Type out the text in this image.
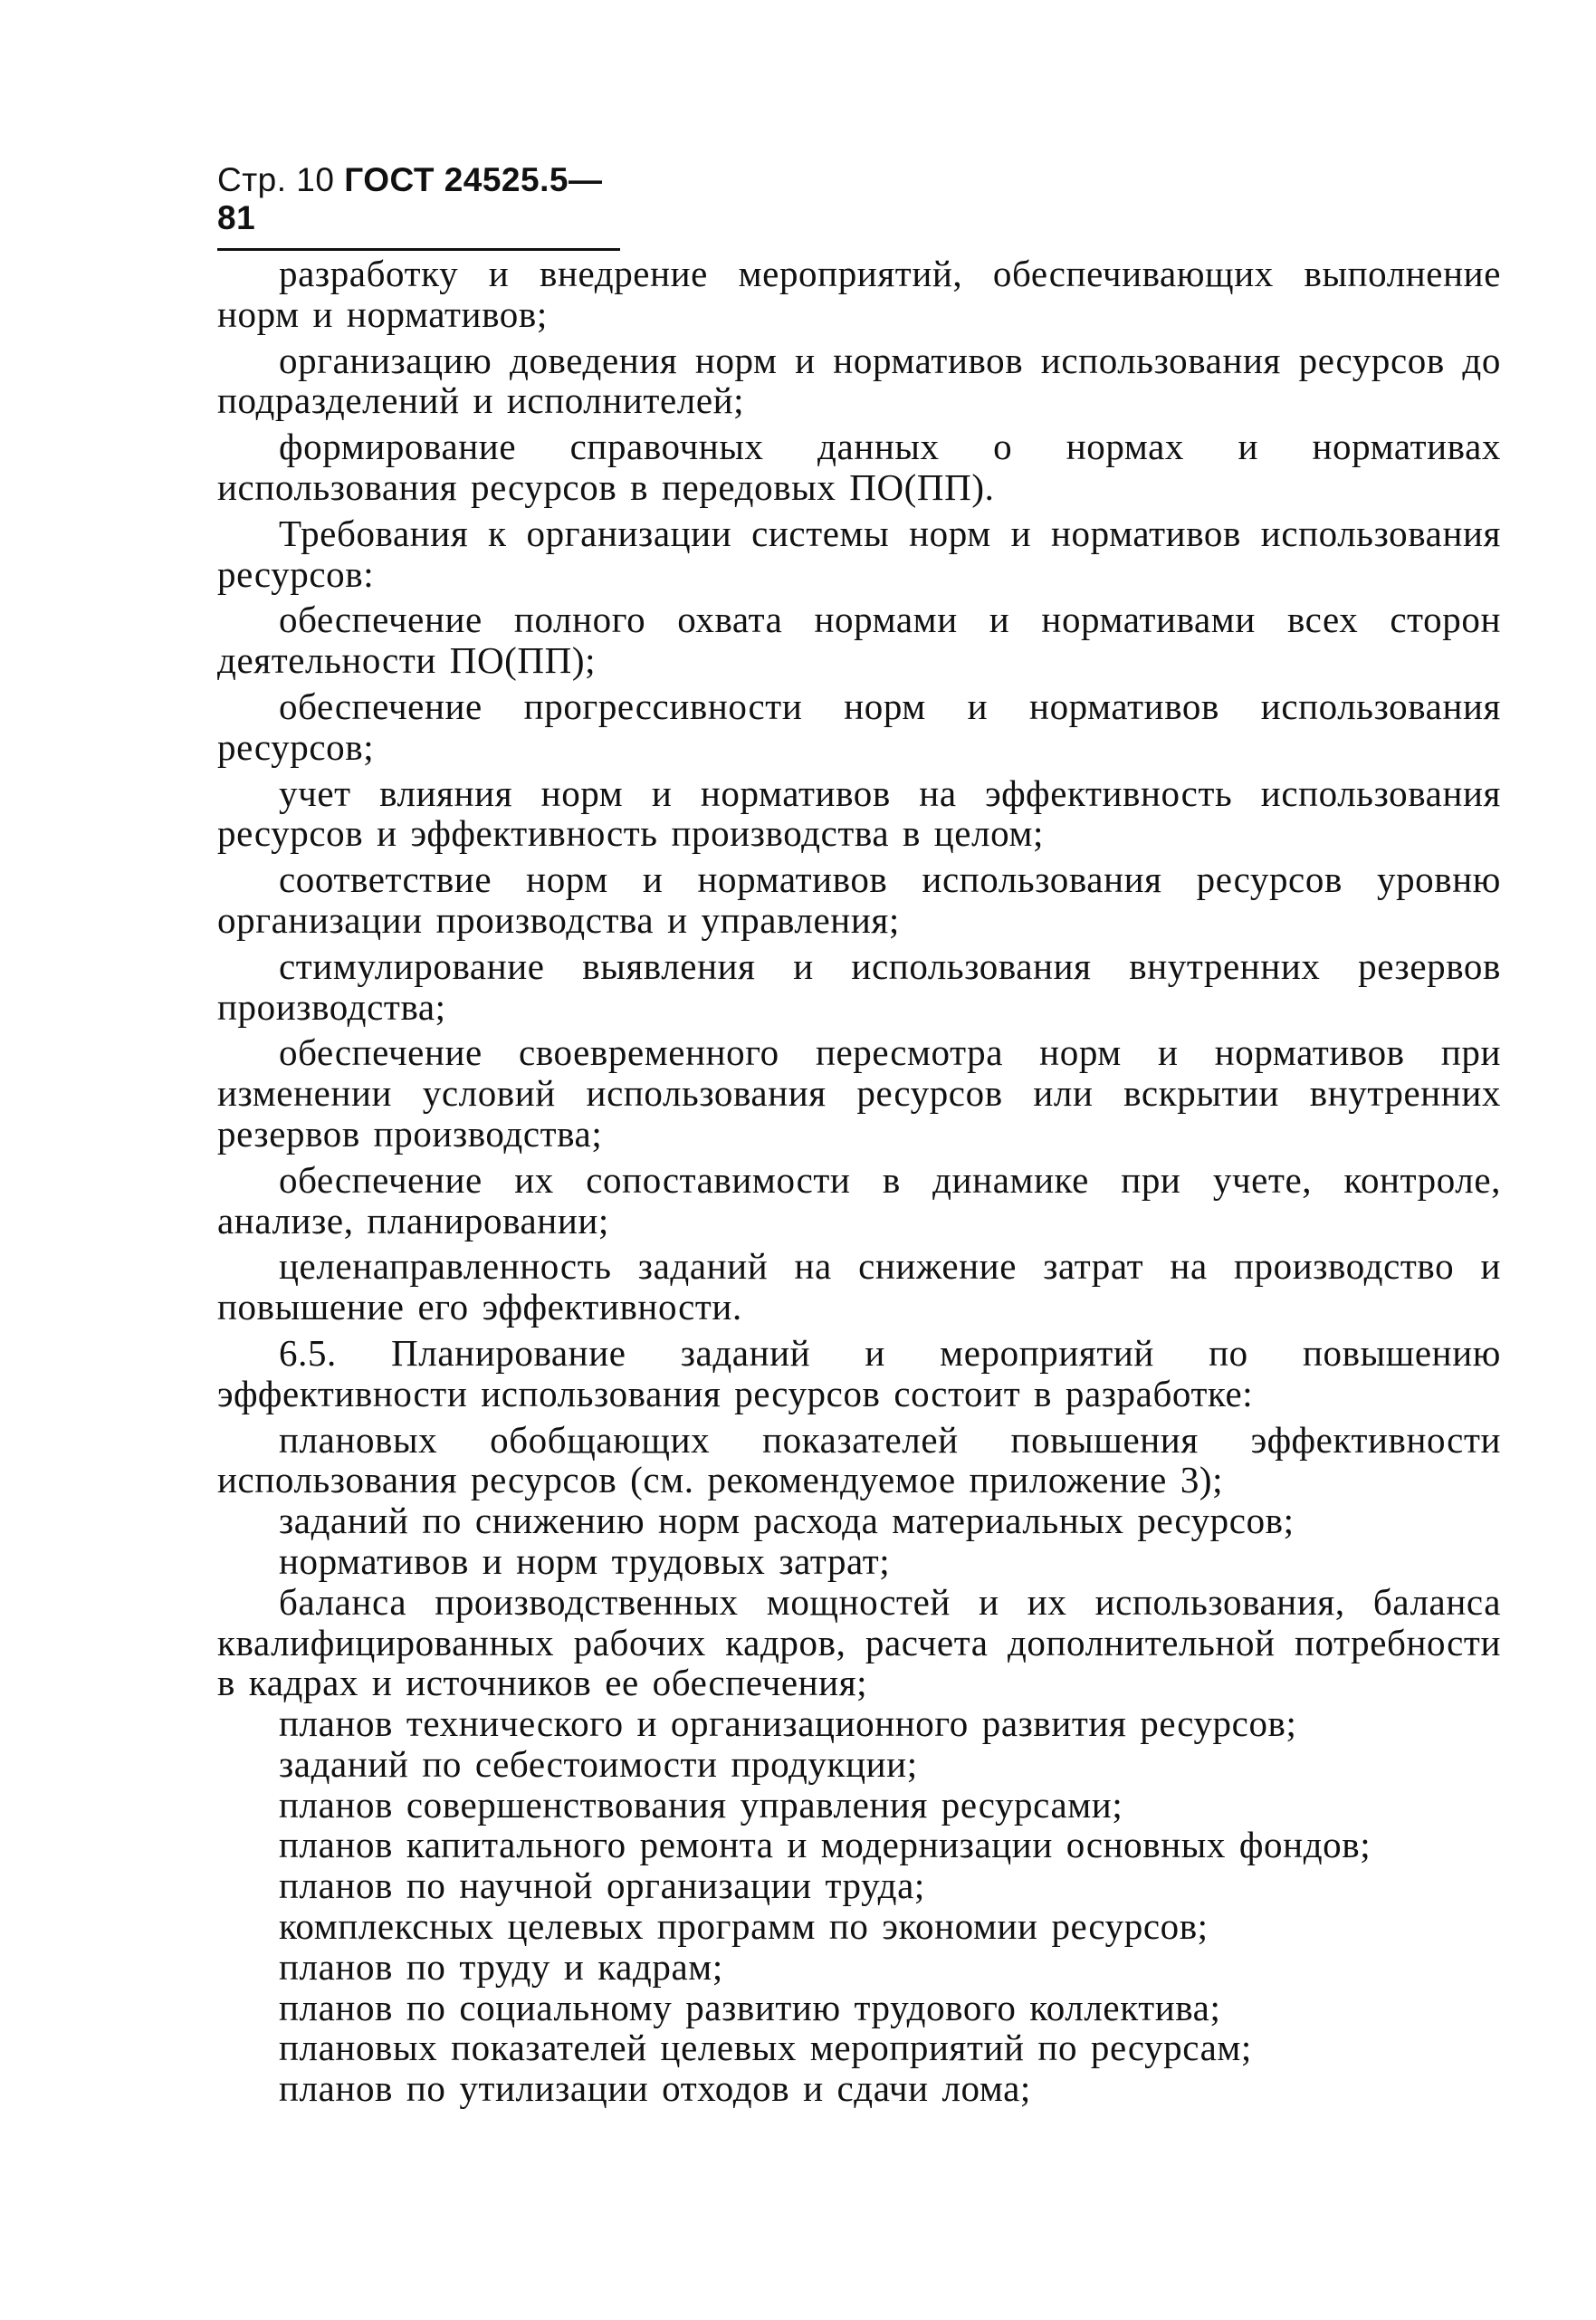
Стр. 10 ГОСТ 24525.5—81

разработку и внедрение мероприятий, обеспечивающих выполнение норм и нормативов;

организацию доведения норм и нормативов использования ресурсов до подразделений и исполнителей;

формирование справочных данных о нормах и нормативах использования ресурсов в передовых ПО(ПП).

Требования к организации системы норм и нормативов использования ресурсов:

обеспечение полного охвата нормами и нормативами всех сторон деятельности ПО(ПП);

обеспечение прогрессивности норм и нормативов использования ресурсов;

учет влияния норм и нормативов на эффективность использования ресурсов и эффективность производства в целом;

соответствие норм и нормативов использования ресурсов уровню организации производства и управления;

стимулирование выявления и использования внутренних резервов производства;

обеспечение своевременного пересмотра норм и нормативов при изменении условий использования ресурсов или вскрытии внутренних резервов производства;

обеспечение их сопоставимости в динамике при учете, контроле, анализе, планировании;

целенаправленность заданий на снижение затрат на производство и повышение его эффективности.

6.5. Планирование заданий и мероприятий по повышению эффективности использования ресурсов состоит в разработке:

плановых обобщающих показателей повышения эффективности использования ресурсов (см. рекомендуемое приложение 3);

заданий по снижению норм расхода материальных ресурсов;

нормативов и норм трудовых затрат;

баланса производственных мощностей и их использования, баланса квалифицированных рабочих кадров, расчета дополнительной потребности в кадрах и источников ее обеспечения;

планов технического и организационного развития ресурсов;

заданий по себестоимости продукции;

планов совершенствования управления ресурсами;

планов капитального ремонта и модернизации основных фондов;

планов по научной организации труда;

комплексных целевых программ по экономии ресурсов;

планов по труду и кадрам;

планов по социальному развитию трудового коллектива;

плановых показателей целевых мероприятий по ресурсам;

планов по утилизации отходов и сдачи лома;
